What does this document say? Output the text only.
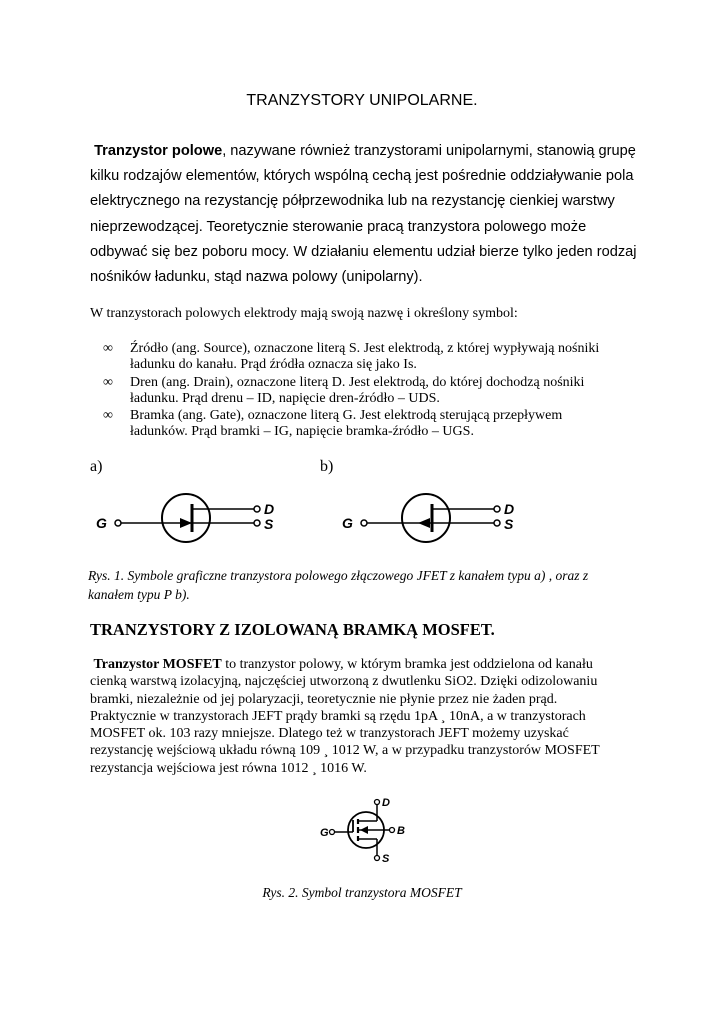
TRANZYSTORY UNIPOLARNE.
Tranzystor polowe, nazywane również tranzystorami unipolarnymi, stanowią grupę
kilku rodzajów elementów, których wspólną cechą jest pośrednie oddziaływanie pola
elektrycznego na rezystancję półprzewodnika lub na rezystancję cienkiej warstwy
nieprzewodzącej. Teoretycznie sterowanie pracą tranzystora polowego może
odbywać się bez poboru mocy. W działaniu elementu udział bierze tylko jeden rodzaj
nośników ładunku, stąd nazwa polowy (unipolarny).
W tranzystorach polowych elektrody mają swoją nazwę i określony symbol:
∞ Źródło (ang. Source), oznaczone literą S. Jest elektrodą, z której wypływają nośniki
ładunku do kanału. Prąd źródła oznacza się jako Is.
∞ Dren (ang. Drain), oznaczone literą D. Jest elektrodą, do której dochodzą nośniki
ładunku. Prąd drenu – ID, napięcie dren-źródło – UDS.
∞ Bramka (ang. Gate), oznaczone literą G. Jest elektrodą sterującą przepływem
ładunków. Prąd bramki – IG, napięcie bramka-źródło – UGS.
a)	b)
G
D
S	G
D
S
Rys. 1. Symbole graficzne tranzystora polowego złączowego JFET z kanałem typu a) , oraz z
kanałem typu P b).
TRANZYSTORY Z IZOLOWANĄ BRAMKĄ MOSFET.
Tranzystor MOSFET to tranzystor polowy, w którym bramka jest oddzielona od kanału
cienką warstwą izolacyjną, najczęściej utworzoną z dwutlenku SiO2. Dzięki odizolowaniu
bramki, niezależnie od jej polaryzacji, teoretycznie nie płynie przez nie żaden prąd.
Praktycznie w tranzystorach JEFT prądy bramki są rzędu 1pA ¸ 10nA, a w tranzystorach
MOSFET ok. 103 razy mniejsze. Dlatego też w tranzystorach JEFT możemy uzyskać
rezystancję wejściową układu równą 109 ¸ 1012 W, a w przypadku tranzystorów MOSFET
rezystancja wejściowa jest równa 1012 ¸ 1016 W.
G
D
B
S
Rys. 2. Symbol tranzystora MOSFET
